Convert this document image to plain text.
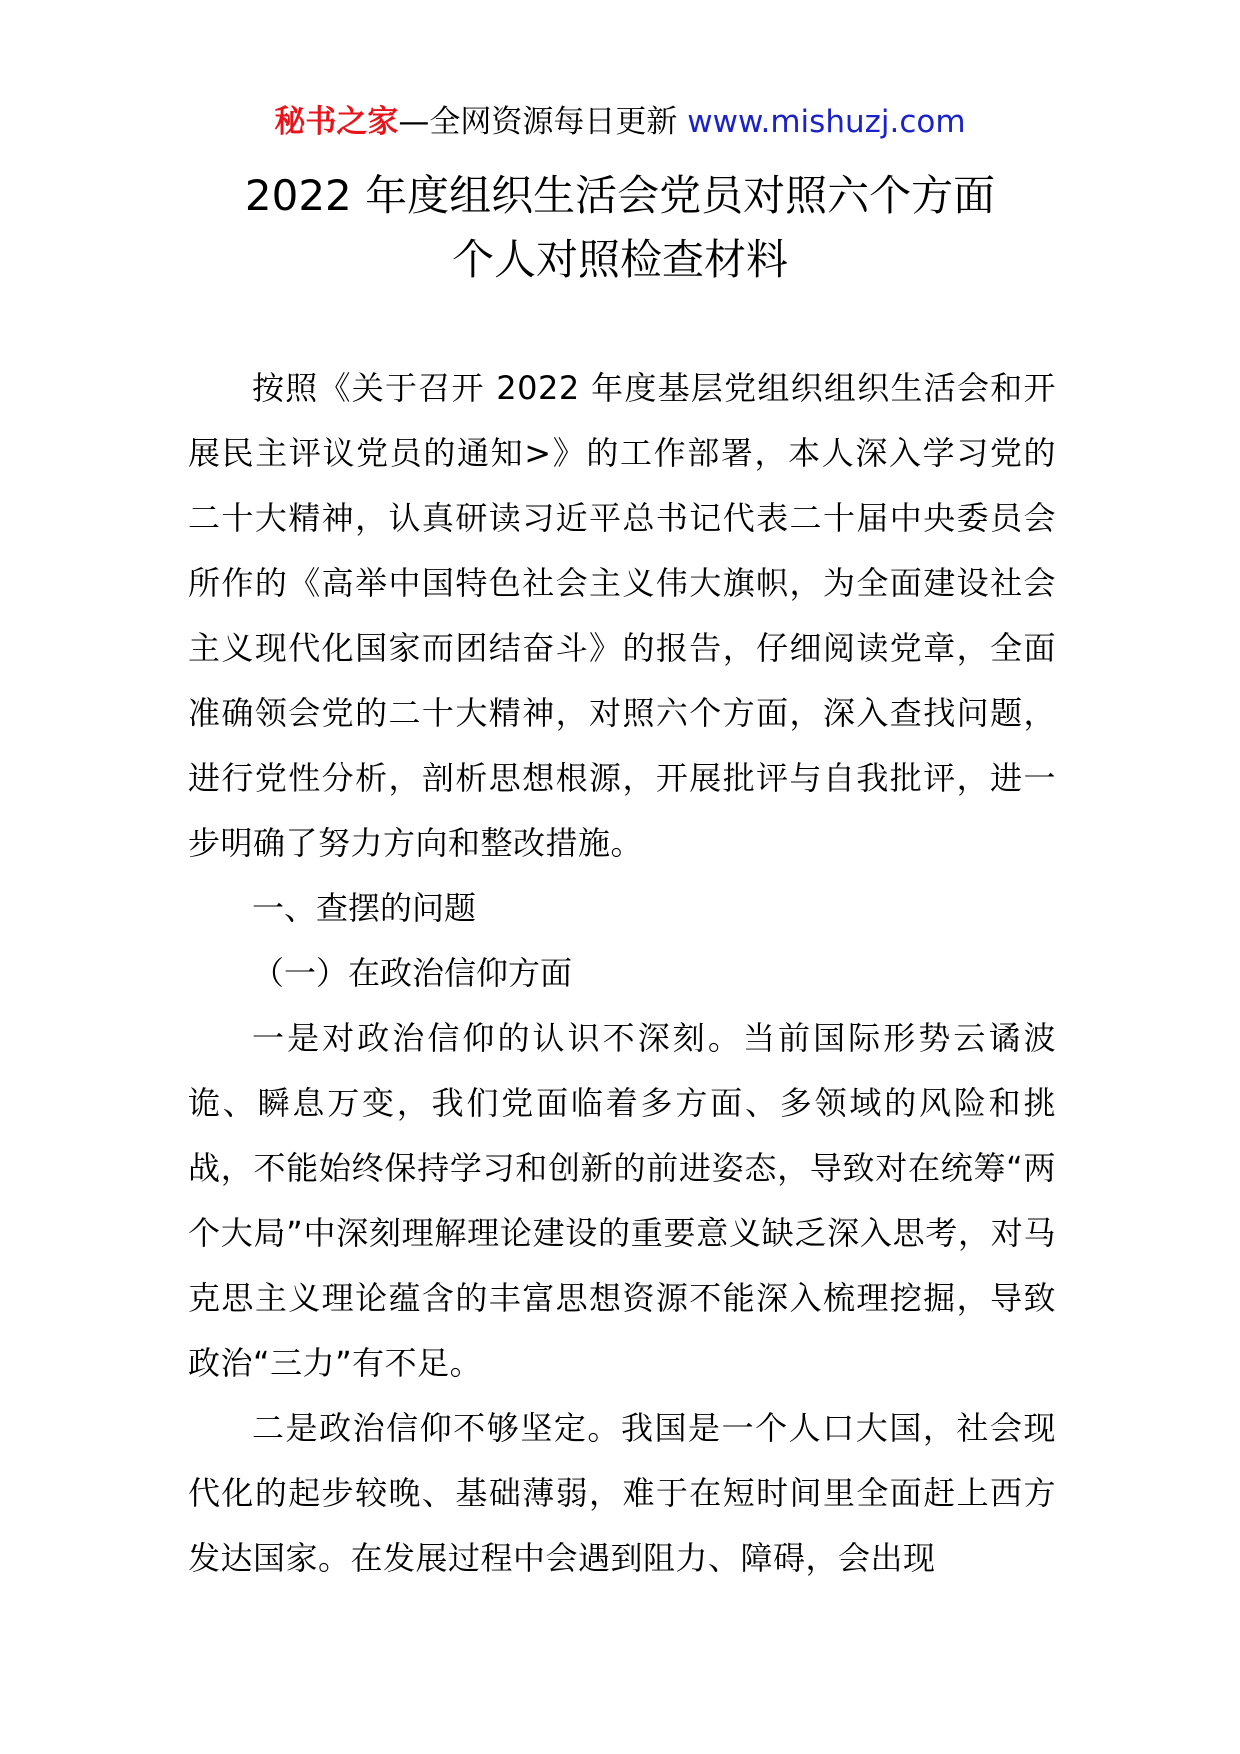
秘书之家—全网资源每日更新 www.mishuzj.com
2022 年度组织生活会党员对照六个方面
个人对照检查材料

按照《关于召开 2022 年度基层党组织组织生活会和开展民主评议党员的通知>》的工作部署，本人深入学习党的二十大精神，认真研读习近平总书记代表二十届中央委员会所作的《高举中国特色社会主义伟大旗帜，为全面建设社会主义现代化国家而团结奋斗》的报告，仔细阅读党章，全面准确领会党的二十大精神，对照六个方面，深入查找问题，进行党性分析，剖析思想根源，开展批评与自我批评，进一步明确了努力方向和整改措施。

一、查摆的问题

（一）在政治信仰方面

一是对政治信仰的认识不深刻。当前国际形势云谲波诡、瞬息万变，我们党面临着多方面、多领域的风险和挑战，不能始终保持学习和创新的前进姿态，导致对在统筹“两个大局”中深刻理解理论建设的重要意义缺乏深入思考，对马克思主义理论蕴含的丰富思想资源不能深入梳理挖掘，导致政治“三力”有不足。

二是政治信仰不够坚定。我国是一个人口大国，社会现代化的起步较晚、基础薄弱，难于在短时间里全面赶上西方发达国家。在发展过程中会遇到阻力、障碍，会出现
